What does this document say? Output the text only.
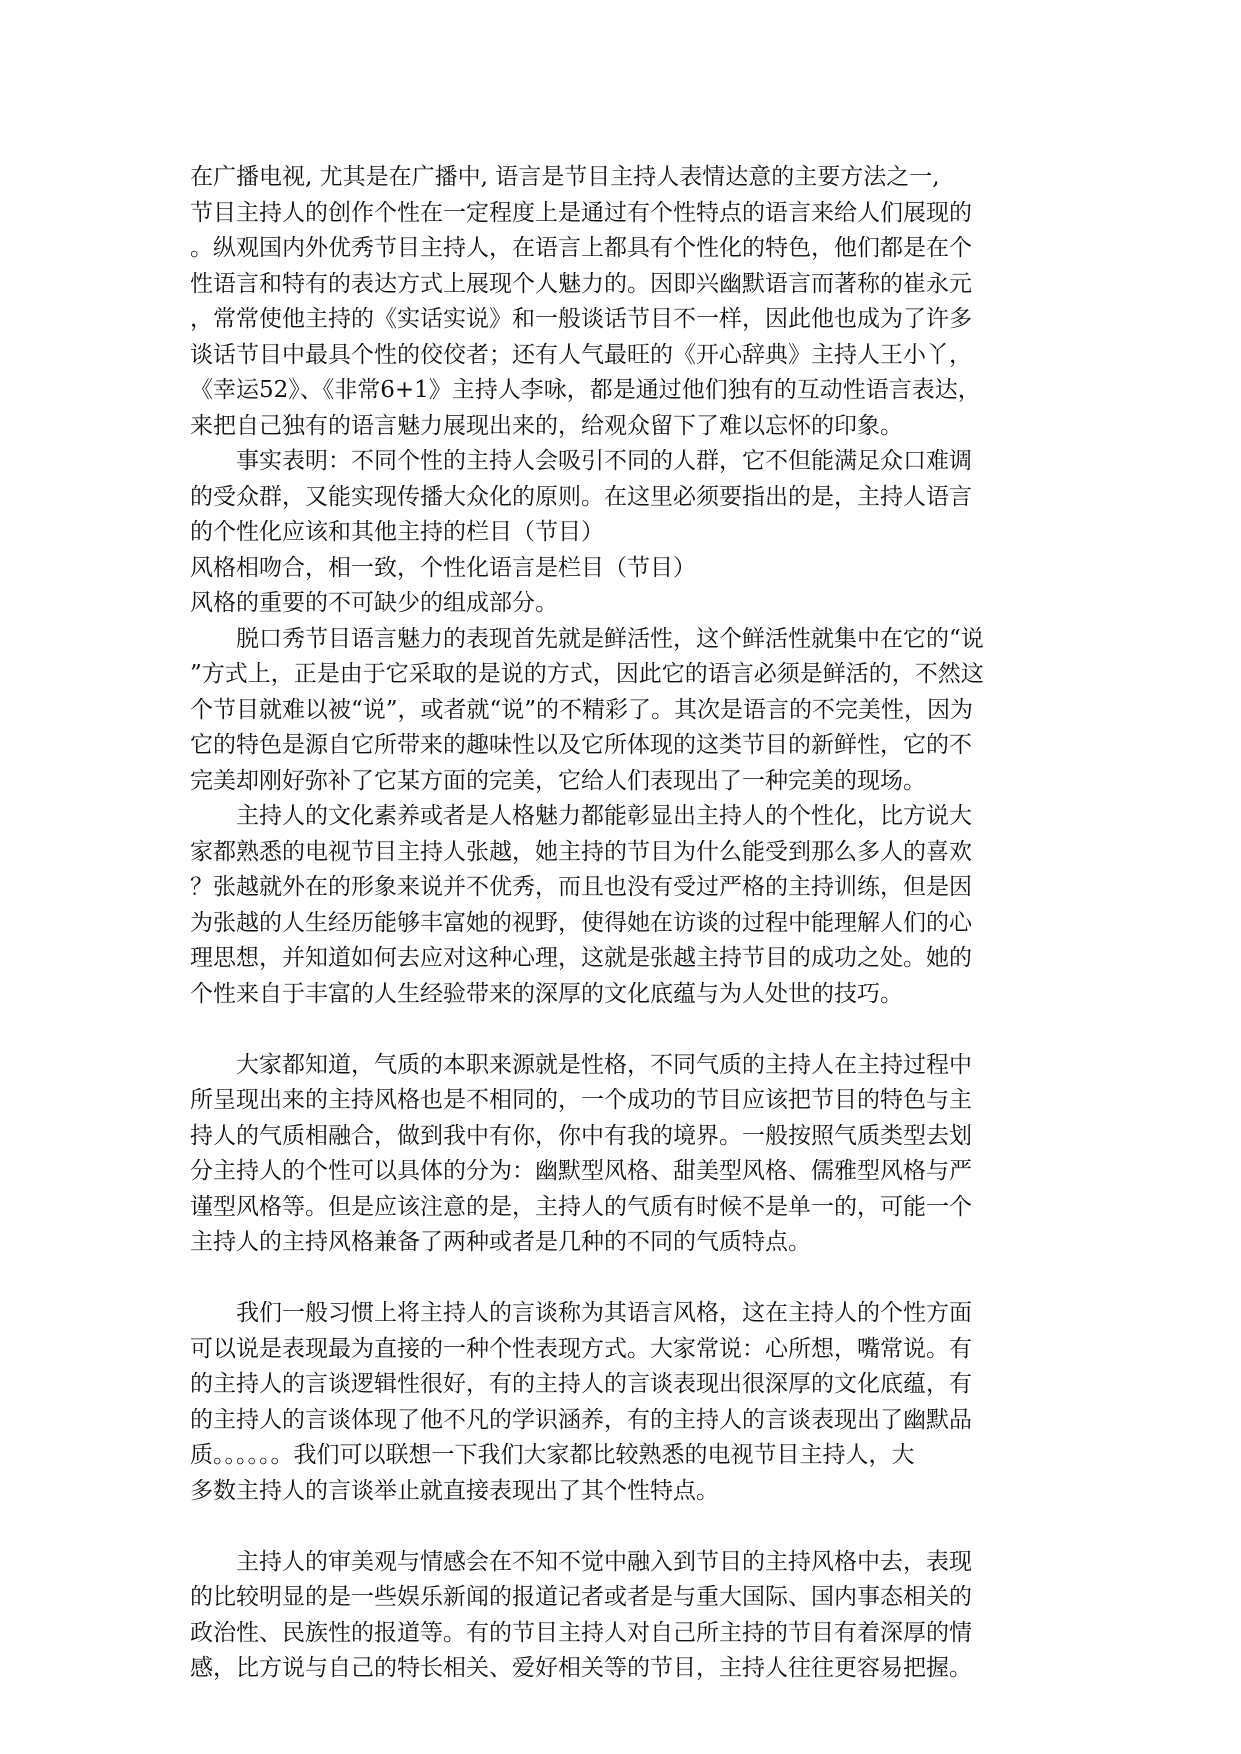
在广播电视, 尤其是在广播中, 语言是节目主持人表情达意的主要方法之一,
节目主持人的创作个性在一定程度上是通过有个性特点的语言来给人们展现的
。纵观国内外优秀节目主持人，在语言上都具有个性化的特色，他们都是在个
性语言和特有的表达方式上展现个人魅力的。因即兴幽默语言而著称的崔永元
，常常使他主持的《实话实说》和一般谈话节目不一样，因此他也成为了许多
谈话节目中最具个性的佼佼者；还有人气最旺的《开心辞典》主持人王小丫，
《幸运52》、《非常6+1》主持人李咏，都是通过他们独有的互动性语言表达，
来把自己独有的语言魅力展现出来的，给观众留下了难以忘怀的印象。
事实表明：不同个性的主持人会吸引不同的人群，它不但能满足众口难调
的受众群，又能实现传播大众化的原则。在这里必须要指出的是，主持人语言
的个性化应该和其他主持的栏目（节目）
风格相吻合，相一致，个性化语言是栏目（节目）
风格的重要的不可缺少的组成部分。
脱口秀节目语言魅力的表现首先就是鲜活性，这个鲜活性就集中在它的“说
”方式上，正是由于它采取的是说的方式，因此它的语言必须是鲜活的，不然这
个节目就难以被“说”，或者就“说”的不精彩了。其次是语言的不完美性，因为
它的特色是源自它所带来的趣味性以及它所体现的这类节目的新鲜性，它的不
完美却刚好弥补了它某方面的完美，它给人们表现出了一种完美的现场。
主持人的文化素养或者是人格魅力都能彰显出主持人的个性化，比方说大
家都熟悉的电视节目主持人张越，她主持的节目为什么能受到那么多人的喜欢
？张越就外在的形象来说并不优秀，而且也没有受过严格的主持训练，但是因
为张越的人生经历能够丰富她的视野，使得她在访谈的过程中能理解人们的心
理思想，并知道如何去应对这种心理，这就是张越主持节目的成功之处。她的
个性来自于丰富的人生经验带来的深厚的文化底蕴与为人处世的技巧。
大家都知道，气质的本职来源就是性格，不同气质的主持人在主持过程中
所呈现出来的主持风格也是不相同的，一个成功的节目应该把节目的特色与主
持人的气质相融合，做到我中有你，你中有我的境界。一般按照气质类型去划
分主持人的个性可以具体的分为：幽默型风格、甜美型风格、儒雅型风格与严
谨型风格等。但是应该注意的是，主持人的气质有时候不是单一的，可能一个
主持人的主持风格兼备了两种或者是几种的不同的气质特点。
我们一般习惯上将主持人的言谈称为其语言风格，这在主持人的个性方面
可以说是表现最为直接的一种个性表现方式。大家常说：心所想，嘴常说。有
的主持人的言谈逻辑性很好，有的主持人的言谈表现出很深厚的文化底蕴，有
的主持人的言谈体现了他不凡的学识涵养，有的主持人的言谈表现出了幽默品
质。。。。。。我们可以联想一下我们大家都比较熟悉的电视节目主持人，大
多数主持人的言谈举止就直接表现出了其个性特点。
主持人的审美观与情感会在不知不觉中融入到节目的主持风格中去，表现
的比较明显的是一些娱乐新闻的报道记者或者是与重大国际、国内事态相关的
政治性、民族性的报道等。有的节目主持人对自己所主持的节目有着深厚的情
感，比方说与自己的特长相关、爱好相关等的节目，主持人往往更容易把握。
